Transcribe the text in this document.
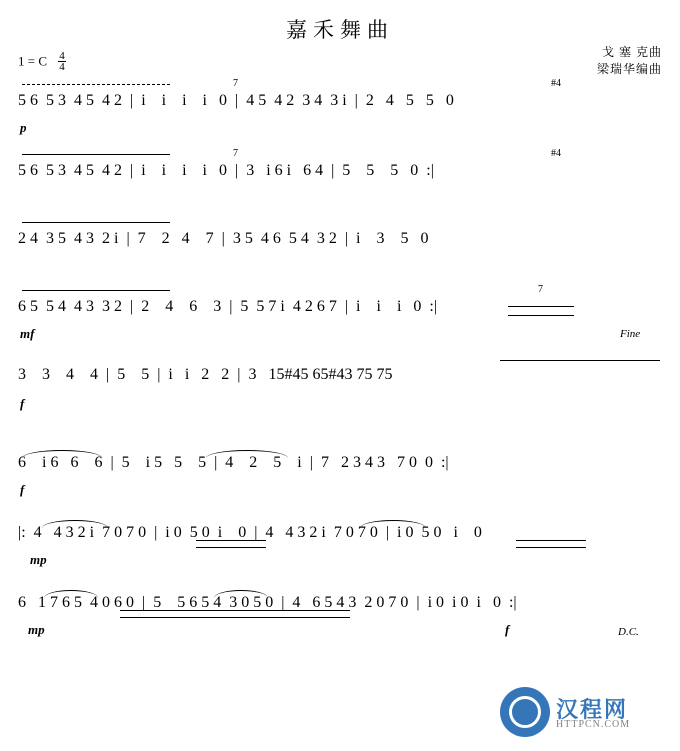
嘉禾舞曲
戈 塞 克曲
梁瑞华编曲
1 = C $\frac{4}{4}$
5 6  5 3  4 5  4 2  |  i    i    i    i   0  |  4 5  4 2  3 4  3 i  |  2   4   5   5   0
p
7	#4
5 6  5 3  4 5  4 2  |  i    i    i    i   0  |  3   i 6 i   6 4  |  5    5    5   0  :|
7	#4
2 4  3 5  4 3  2 i  |  7    2   4    7  |  3 5  4 6  5 4  3 2  |  i    3    5   0
6 5  5 4  4 3  3 2  |  2    4    6    3  |  5  5 7 i  4 2 6 7  |  i    i    i   0  :|
mf
7
Fine
3    3    4    4  |  5    5  |  i   i   2   2  |  3   15#45 65#43 75 75
f
6    i 6   6    6  |  5    i 5   5    5  |  4    2    5    i  |  7   2 3 4 3   7 0  0  :|
f
|:  4   4 3 2 i  7 0 7 0  |  i 0  5 0  i    0  |  4   4 3 2 i  7 0 7 0  |  i 0  5 0   i    0
mp
6   1 7 6 5  4 0 6 0  |  5    5 6 5 4  3 0 5 0  |  4   6 5 4 3  2 0 7 0  |  i 0  i 0  i   0  :|
mp	f	D.C.
汉程网
HTTPCN.COM
